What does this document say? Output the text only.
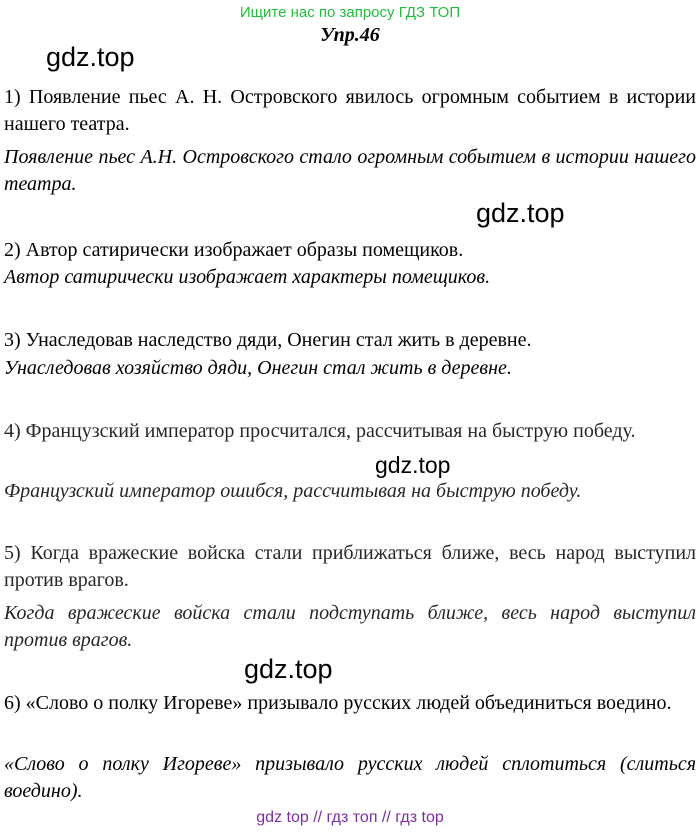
Ищите нас по запросу ГДЗ ТОП
Упр.46
gdz.top
gdz.top
gdz.top
gdz.top

1) Появление пьес А. Н. Островского явилось огромным событием в истории нашего театра.

Появление пьес А.Н. Островского стало огромным событием в истории нашего театра.

2) Автор сатирически изображает образы помещиков.

Автор сатирически изображает характеры помещиков.

3) Унаследовав наследство дяди, Онегин стал жить в деревне.

Унаследовав хозяйство дяди, Онегин стал жить в деревне.

4) Французский император просчитался, рассчитывая на быструю победу.

Французский император ошибся, рассчитывая на быструю победу.

5) Когда вражеские войска стали приближаться ближе, весь народ выступил против врагов.

Когда вражеские войска стали подступать ближе, весь народ выступил против врагов.

6) «Слово о полку Игореве» призывало русских людей объединиться воедино.

«Слово о полку Игореве» призывало русских людей сплотиться (слиться воедино).

gdz top // гдз топ // гдз top
